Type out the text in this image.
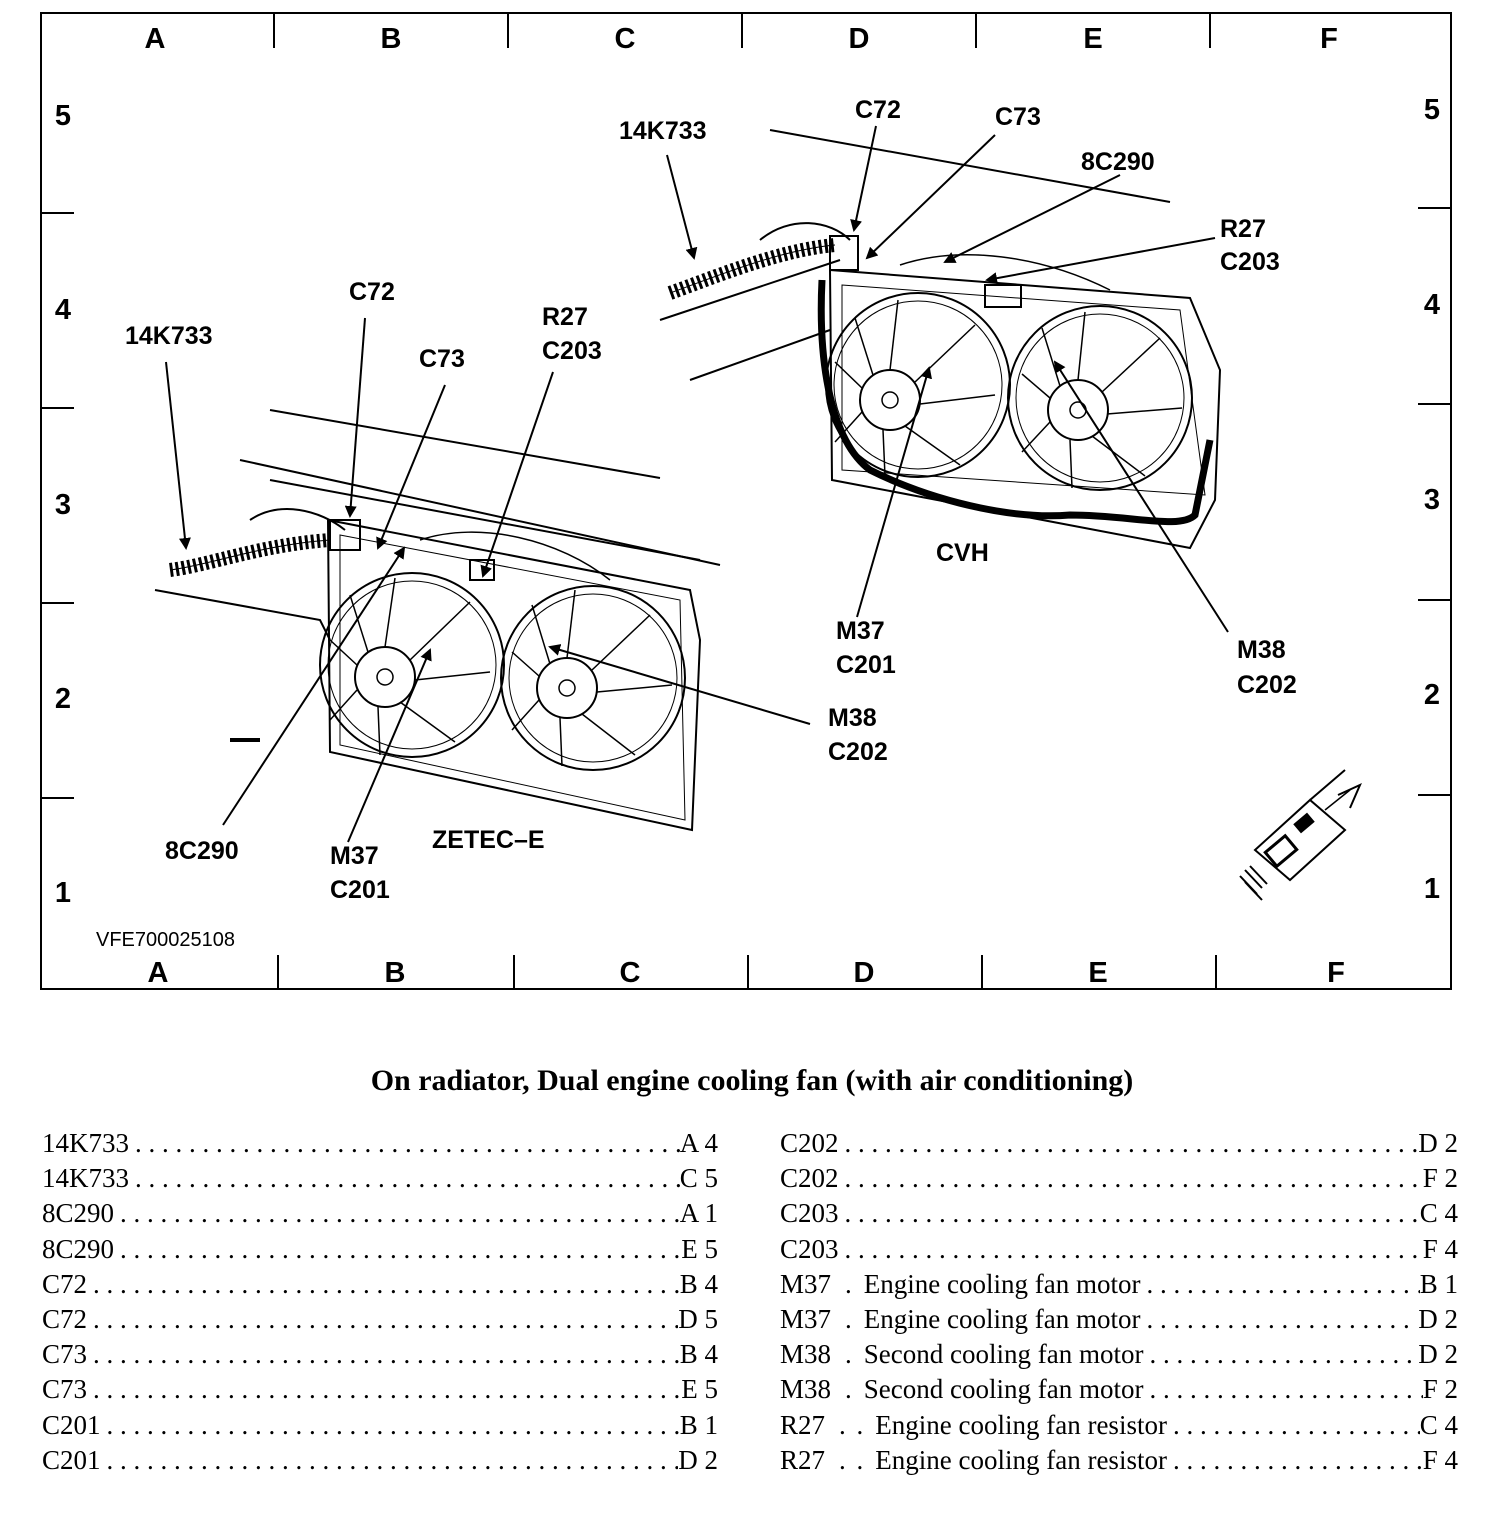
A	B	C	D	E	F
A	B	C	D	E	F
5
4
3
2
1
5
4
3
2
1
14K733
C72
C73
R27
C203
8C290	M37
C201
M38
C202
ZETEC–E
14K733
C72	C73
8C290
R27
C203
M37
C201
M38
C202
CVH
VFE700025108
On radiator, Dual engine cooling fan (with air conditioning)
14K733 . . .	A 4
14K733 . . .	C 5
8C290 . . .	A 1
8C290 . . .	E 5
C72 . . .	B 4
C72 . . .	D 5
C73 . . .	B 4
C73 . . .	E 5
C201 . . .	B 1
C201 . . .	D 2
C202 . . .	D 2
C202 . . .	F 2
C203 . . .	C 4
C203 . . .	F 4
M37 . Engine cooling fan motor . . .	B 1
M37 . Engine cooling fan motor . . .	D 2
M38 . Second cooling fan motor . . .	D 2
M38 . Second cooling fan motor . . .	F 2
R27 . . Engine cooling fan resistor . . .	C 4
R27 . . Engine cooling fan resistor . . .	F 4
